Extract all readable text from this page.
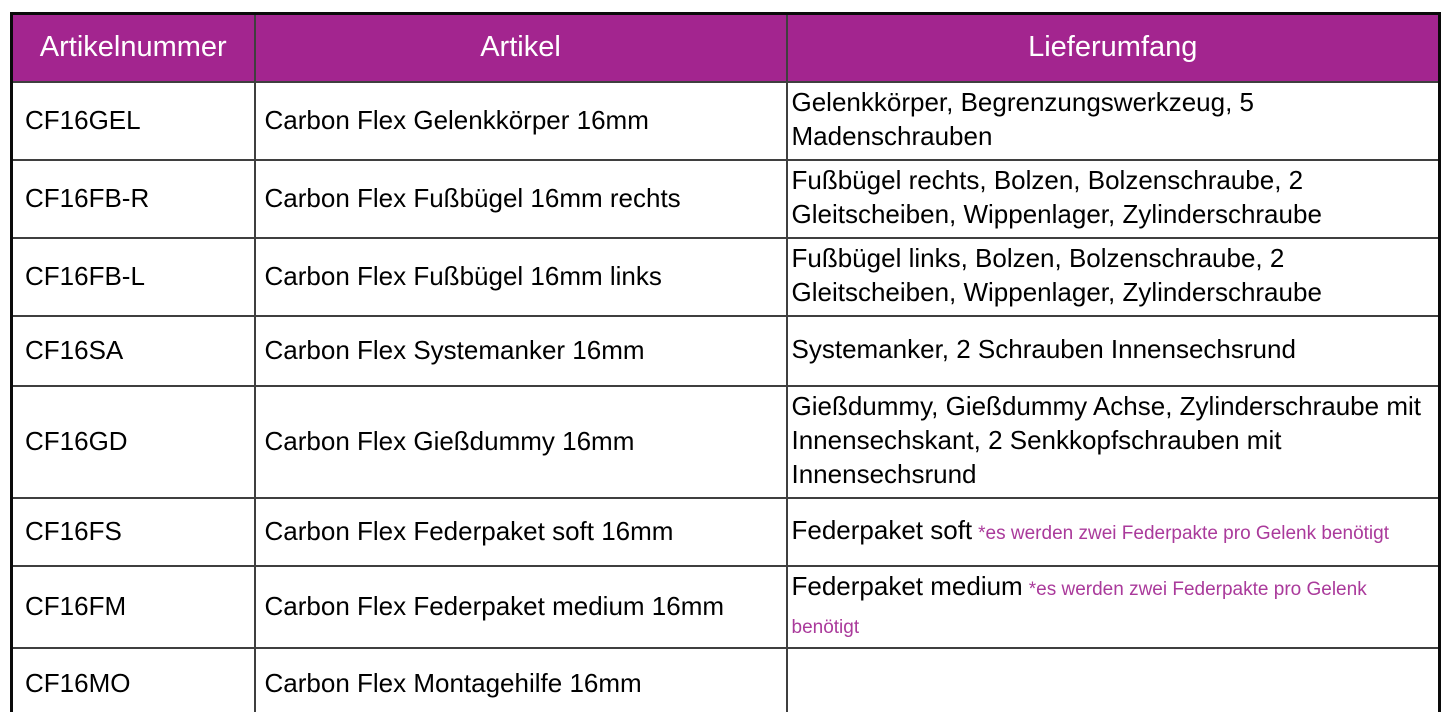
Artikelnummer	Artikel	Lieferumfang
CF16GEL	Carbon Flex Gelenkkörper 16mm	Gelenkkörper, Begrenzungswerkzeug, 5 Madenschrauben
CF16FB-R	Carbon Flex Fußbügel 16mm rechts	Fußbügel rechts, Bolzen, Bolzenschraube, 2 Gleitscheiben, Wippenlager, Zylinderschraube
CF16FB-L	Carbon Flex Fußbügel 16mm links	Fußbügel links, Bolzen, Bolzenschraube, 2 Gleitscheiben, Wippenlager, Zylinderschraube
CF16SA	Carbon Flex Systemanker 16mm	Systemanker, 2 Schrauben Innensechsrund
CF16GD	Carbon Flex Gießdummy 16mm	Gießdummy, Gießdummy Achse, Zylinderschraube mit Innensechskant, 2 Senkkopfschrauben mit Innensechsrund
CF16FS	Carbon Flex Federpaket soft 16mm	Federpaket soft *es werden zwei Federpakte pro Gelenk benötigt
CF16FM	Carbon Flex Federpaket medium 16mm	Federpaket medium *es werden zwei Federpakte pro Gelenk benötigt
CF16MO	Carbon Flex Montagehilfe 16mm	
